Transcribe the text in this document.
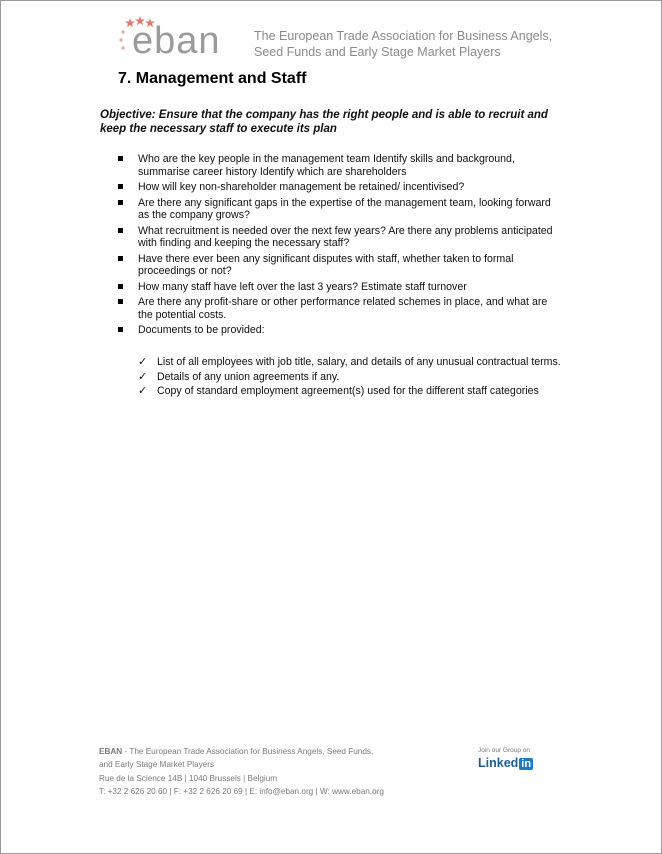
eban	The European Trade Association for Business Angels,
Seed Funds and Early Stage Market Players
7. Management and Staff
Objective: Ensure that the company has the right people and is able to recruit and keep the necessary staff to execute its plan
Who are the key people in the management team Identify skills and background, summarise career history Identify which are shareholders
How will key non-shareholder management be retained/ incentivised?
Are there any significant gaps in the expertise of the management team, looking forward as the company grows?
What recruitment is needed over the next few years? Are there any problems anticipated with finding and keeping the necessary staff?
Have there ever been any significant disputes with staff, whether taken to formal proceedings or not?
How many staff have left over the last 3 years? Estimate staff turnover
Are there any profit-share or other performance related schemes in place, and what are the potential costs.
Documents to be provided:
✓ List of all employees with job title, salary, and details of any unusual contractual terms.
✓ Details of any union agreements if any.
✓ Copy of standard employment agreement(s) used for the different staff categories
EBAN - The European Trade Association for Business Angels, Seed Funds,
and Early Stage Market Players
Rue de la Science 14B | 1040 Brussels | Belgium
T: +32 2 626 20 60 | F: +32 2 626 20 69 | E: info@eban.org | W: www.eban.org
Join our Group on
Linked in
